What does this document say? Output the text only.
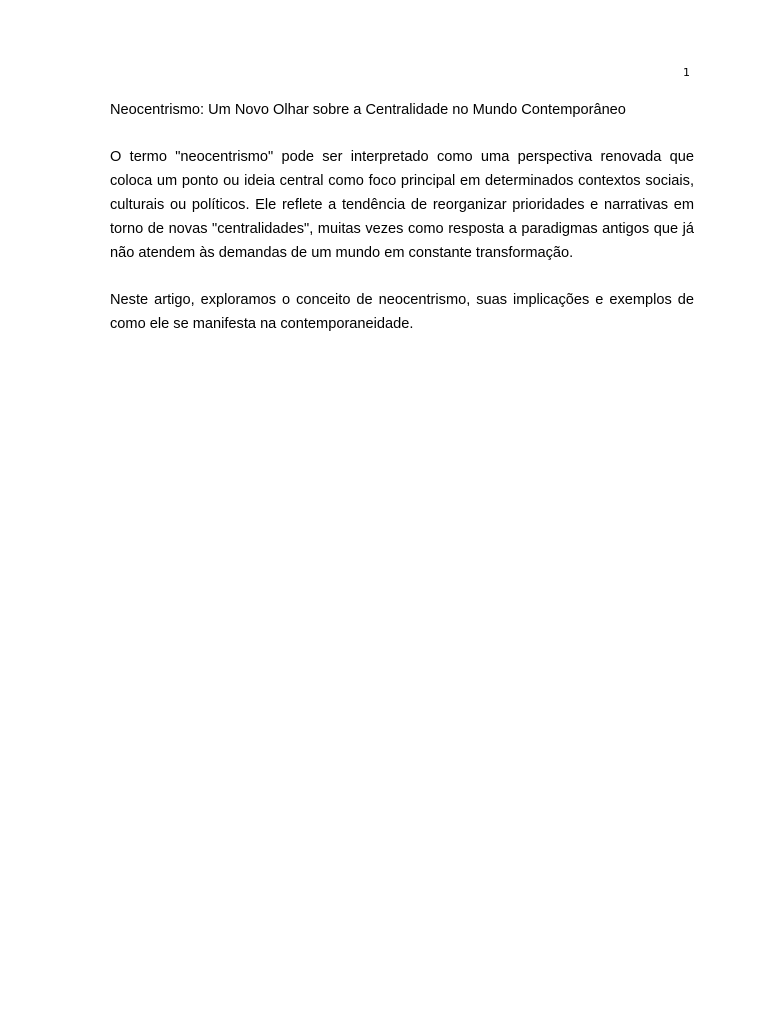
1
Neocentrismo: Um Novo Olhar sobre a Centralidade no Mundo Contemporâneo

O termo "neocentrismo" pode ser interpretado como uma perspectiva renovada que coloca um ponto ou ideia central como foco principal em determinados contextos sociais, culturais ou políticos. Ele reflete a tendência de reorganizar prioridades e narrativas em torno de novas "centralidades", muitas vezes como resposta a paradigmas antigos que já não atendem às demandas de um mundo em constante transformação.

Neste artigo, exploramos o conceito de neocentrismo, suas implicações e exemplos de como ele se manifesta na contemporaneidade.
